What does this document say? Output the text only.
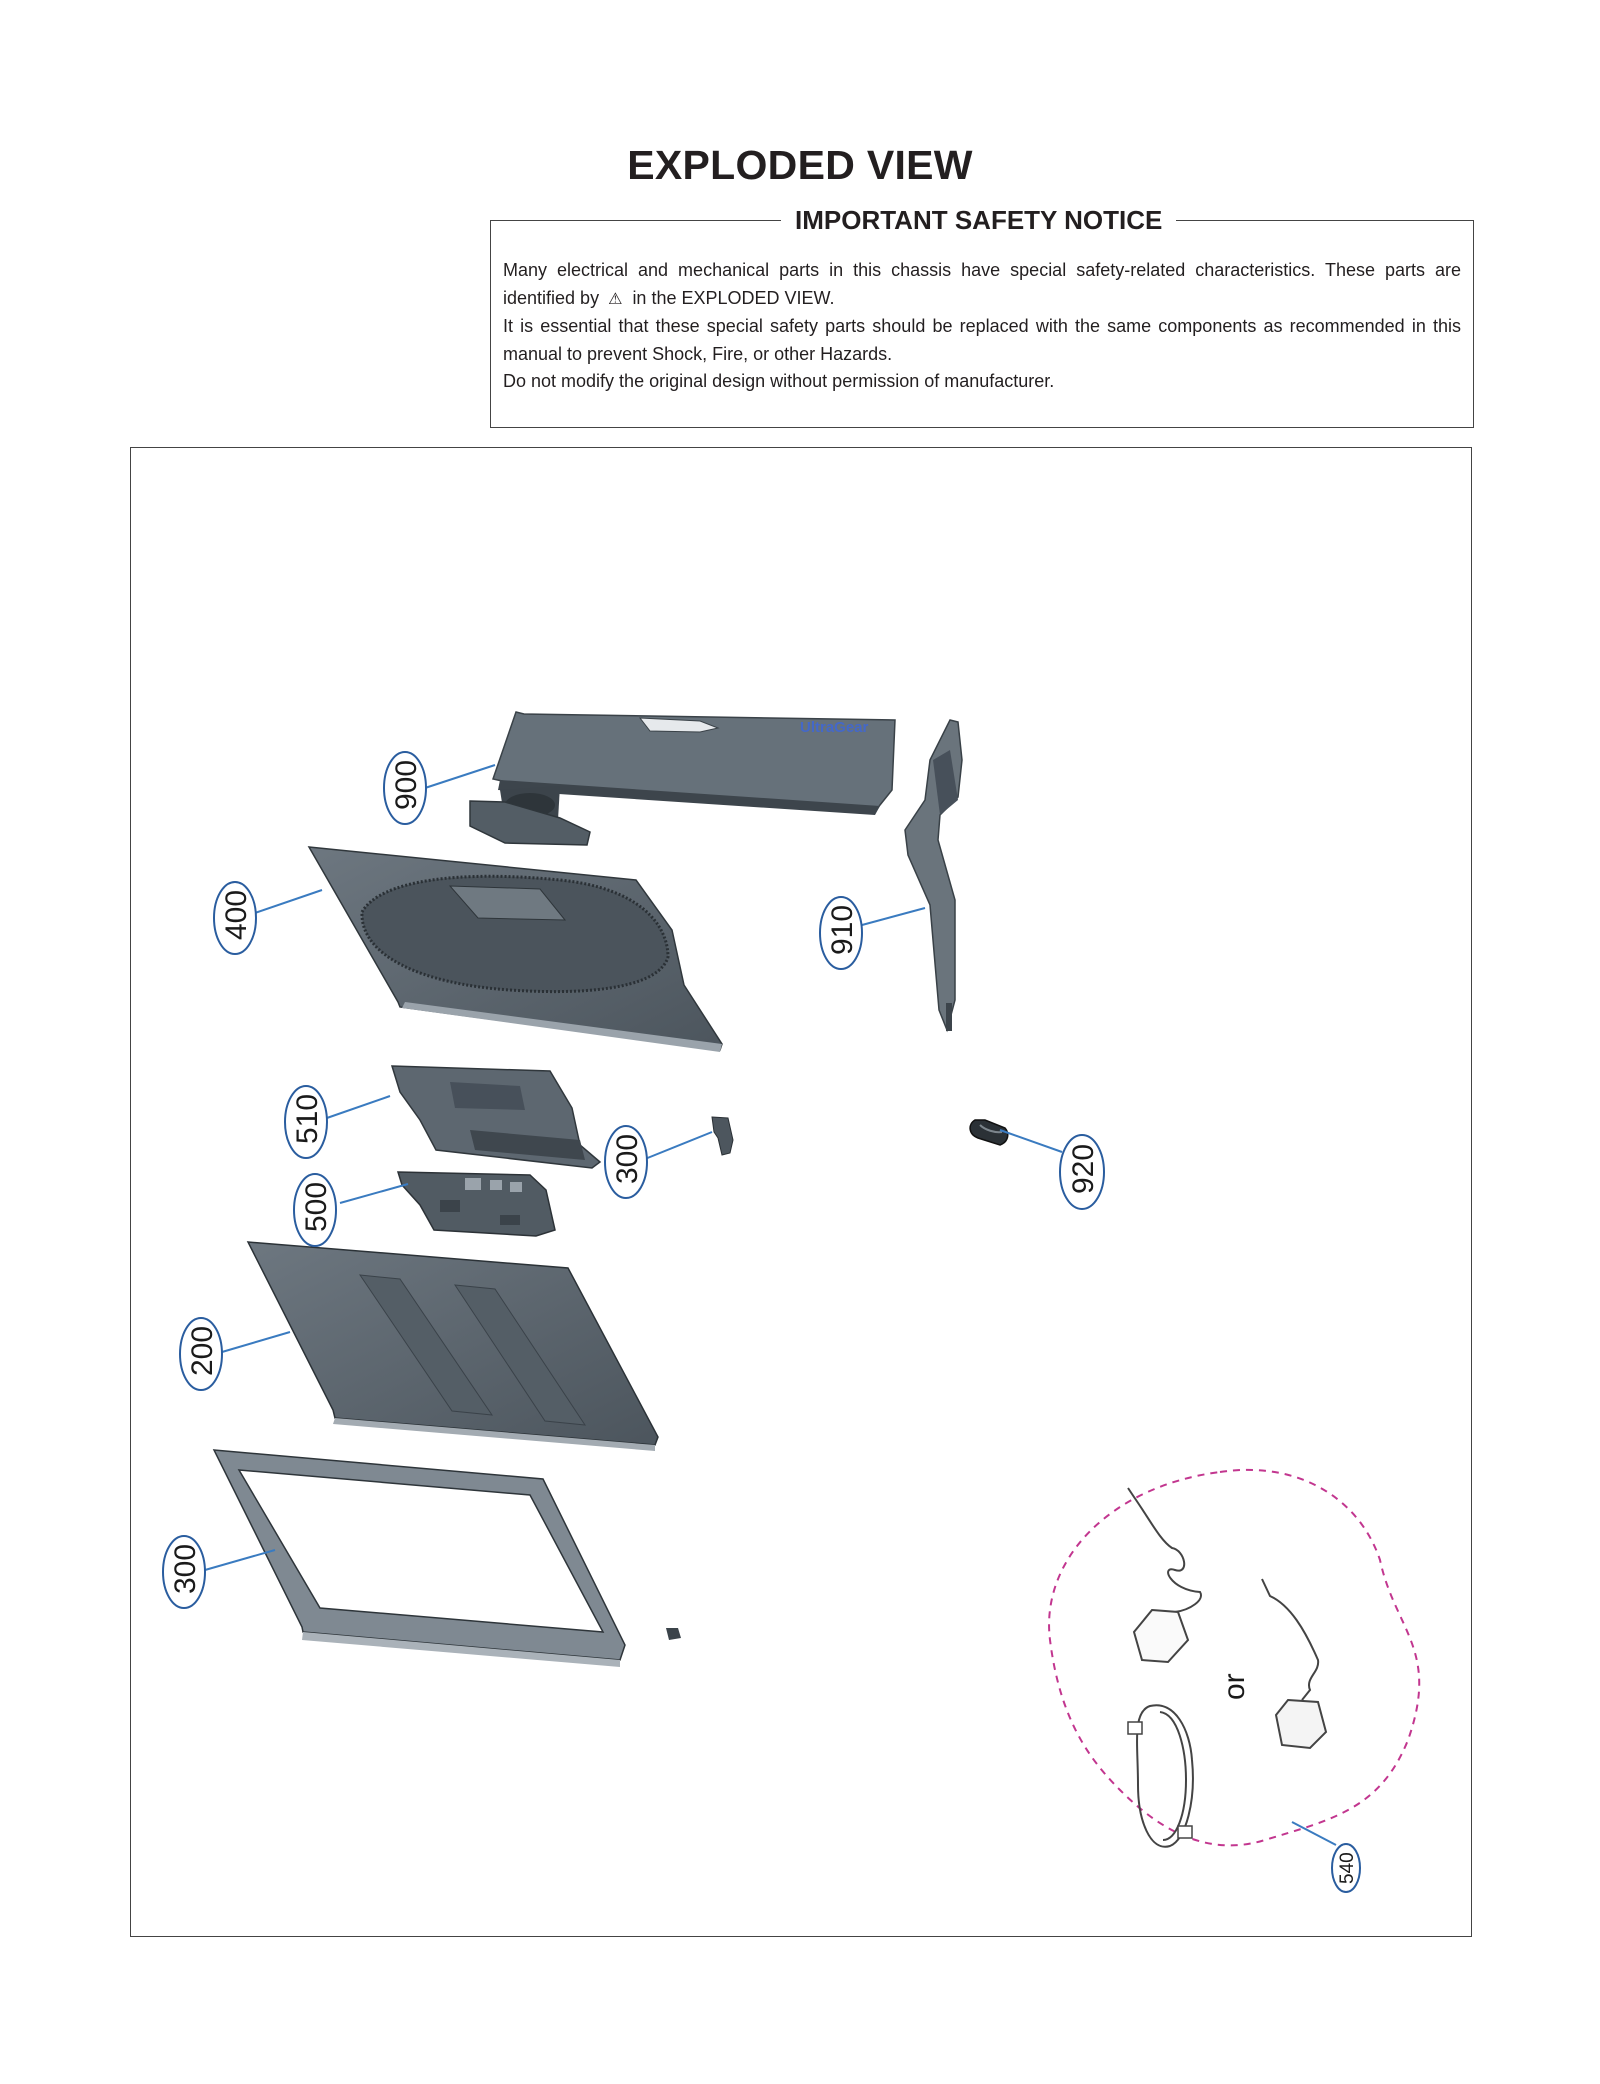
EXPLODED VIEW
IMPORTANT SAFETY NOTICE

Many electrical and mechanical parts in this chassis have special safety-related characteristics. These parts are identified by ⚠ in the EXPLODED VIEW.

It is essential that these special safety parts should be replaced with the same components as recommended in this manual to prevent Shock, Fire, or other Hazards.

Do not modify the original design without permission of manufacturer.

UltraGear
or
900
400	910
510
300	920
500
200
300
540
